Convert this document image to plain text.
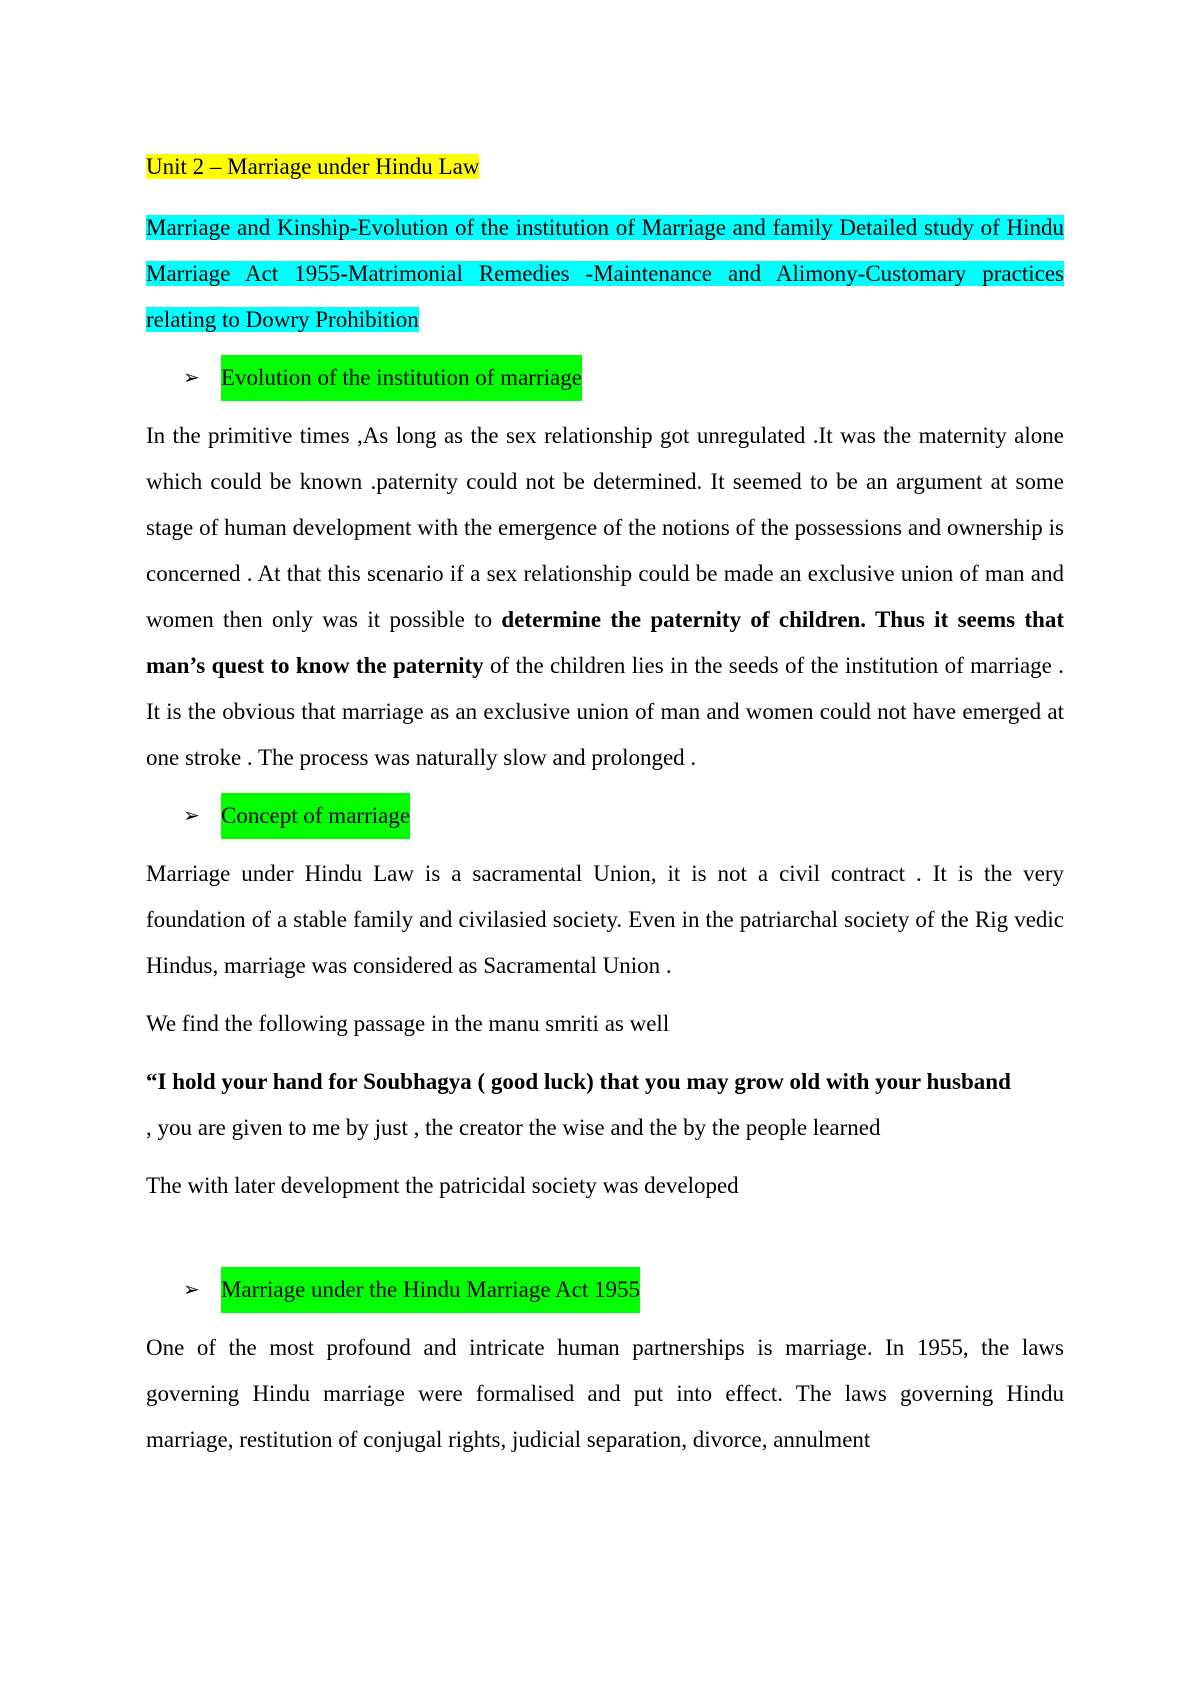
Unit 2 – Marriage under Hindu Law

Marriage and Kinship-Evolution of the institution of Marriage and family Detailed study of Hindu Marriage Act 1955-Matrimonial Remedies -Maintenance and Alimony-Customary practices relating to Dowry Prohibition

➢ Evolution of the institution of marriage

In the primitive times ,As long as the sex relationship got unregulated .It was the maternity alone which could be known .paternity could not be determined. It seemed to be an argument at some stage of human development with the emergence of the notions of the possessions and ownership is concerned . At that this scenario if a sex relationship could be made an exclusive union of man and women then only was it possible to determine the paternity of children. Thus it seems that man’s quest to know the paternity of the children lies in the seeds of the institution of marriage . It is the obvious that marriage as an exclusive union of man and women could not have emerged at one stroke . The process was naturally slow and prolonged .

➢ Concept of marriage

Marriage under Hindu Law is a sacramental Union, it is not a civil contract . It is the very foundation of a stable family and civilasied society. Even in the patriarchal society of the Rig vedic Hindus, marriage was considered as Sacramental Union .

We find the following passage in the manu smriti as well

“I hold your hand for Soubhagya ( good luck) that you may grow old with your husband
, you are given to me by just , the creator the wise and the by the people learned

The with later development the patricidal society was developed

➢ Marriage under the Hindu Marriage Act 1955

One of the most profound and intricate human partnerships is marriage. In 1955, the laws governing Hindu marriage were formalised and put into effect. The laws governing Hindu marriage, restitution of conjugal rights, judicial separation, divorce, annulment
